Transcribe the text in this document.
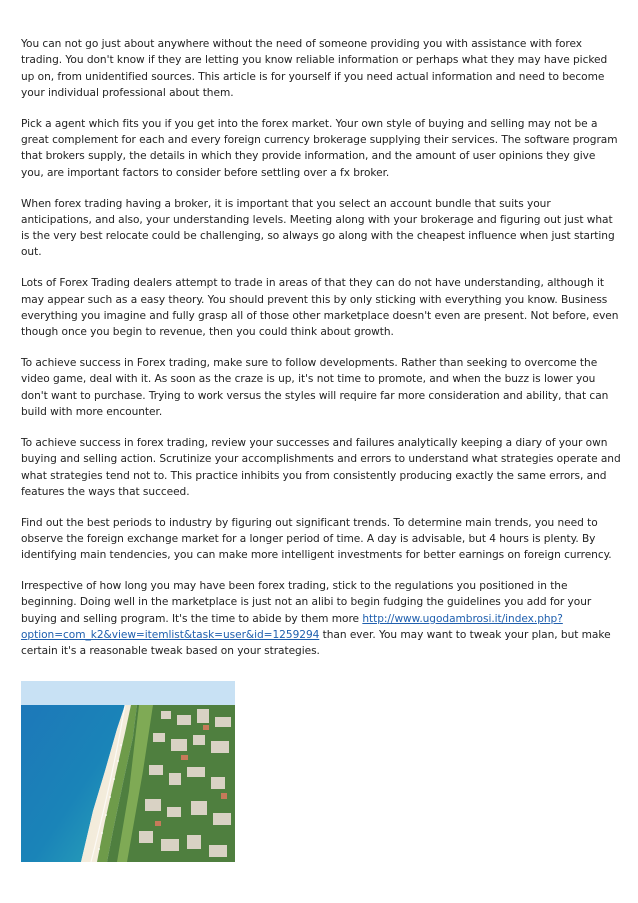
You can not go just about anywhere without the need of someone providing you with assistance with forex trading. You don't know if they are letting you know reliable information or perhaps what they may have picked up on, from unidentified sources. This article is for yourself if you need actual information and need to become your individual professional about them.

Pick a agent which fits you if you get into the forex market. Your own style of buying and selling may not be a great complement for each and every foreign currency brokerage supplying their services. The software program that brokers supply, the details in which they provide information, and the amount of user opinions they give you, are important factors to consider before settling over a fx broker.

When forex trading having a broker, it is important that you select an account bundle that suits your anticipations, and also, your understanding levels. Meeting along with your brokerage and figuring out just what is the very best relocate could be challenging, so always go along with the cheapest influence when just starting out.

Lots of Forex Trading dealers attempt to trade in areas of that they can do not have understanding, although it may appear such as a easy theory. You should prevent this by only sticking with everything you know. Business everything you imagine and fully grasp all of those other marketplace doesn't even are present. Not before, even though once you begin to revenue, then you could think about growth.

To achieve success in Forex trading, make sure to follow developments. Rather than seeking to overcome the video game, deal with it. As soon as the craze is up, it's not time to promote, and when the buzz is lower you don't want to purchase. Trying to work versus the styles will require far more consideration and ability, that can build with more encounter.

To achieve success in forex trading, review your successes and failures analytically keeping a diary of your own buying and selling action. Scrutinize your accomplishments and errors to understand what strategies operate and what strategies tend not to. This practice inhibits you from consistently producing exactly the same errors, and features the ways that succeed.

Find out the best periods to industry by figuring out significant trends. To determine main trends, you need to observe the foreign exchange market for a longer period of time. A day is advisable, but 4 hours is plenty. By identifying main tendencies, you can make more intelligent investments for better earnings on foreign currency.

Irrespective of how long you may have been forex trading, stick to the regulations you positioned in the beginning. Doing well in the marketplace is just not an alibi to begin fudging the guidelines you add for your buying and selling program. It's the time to abide by them more http://www.ugodambrosi.it/index.php?option=com_k2&view=itemlist&task=user&id=1259294 than ever. You may want to tweak your plan, but make certain it's a reasonable tweak based on your strategies.
